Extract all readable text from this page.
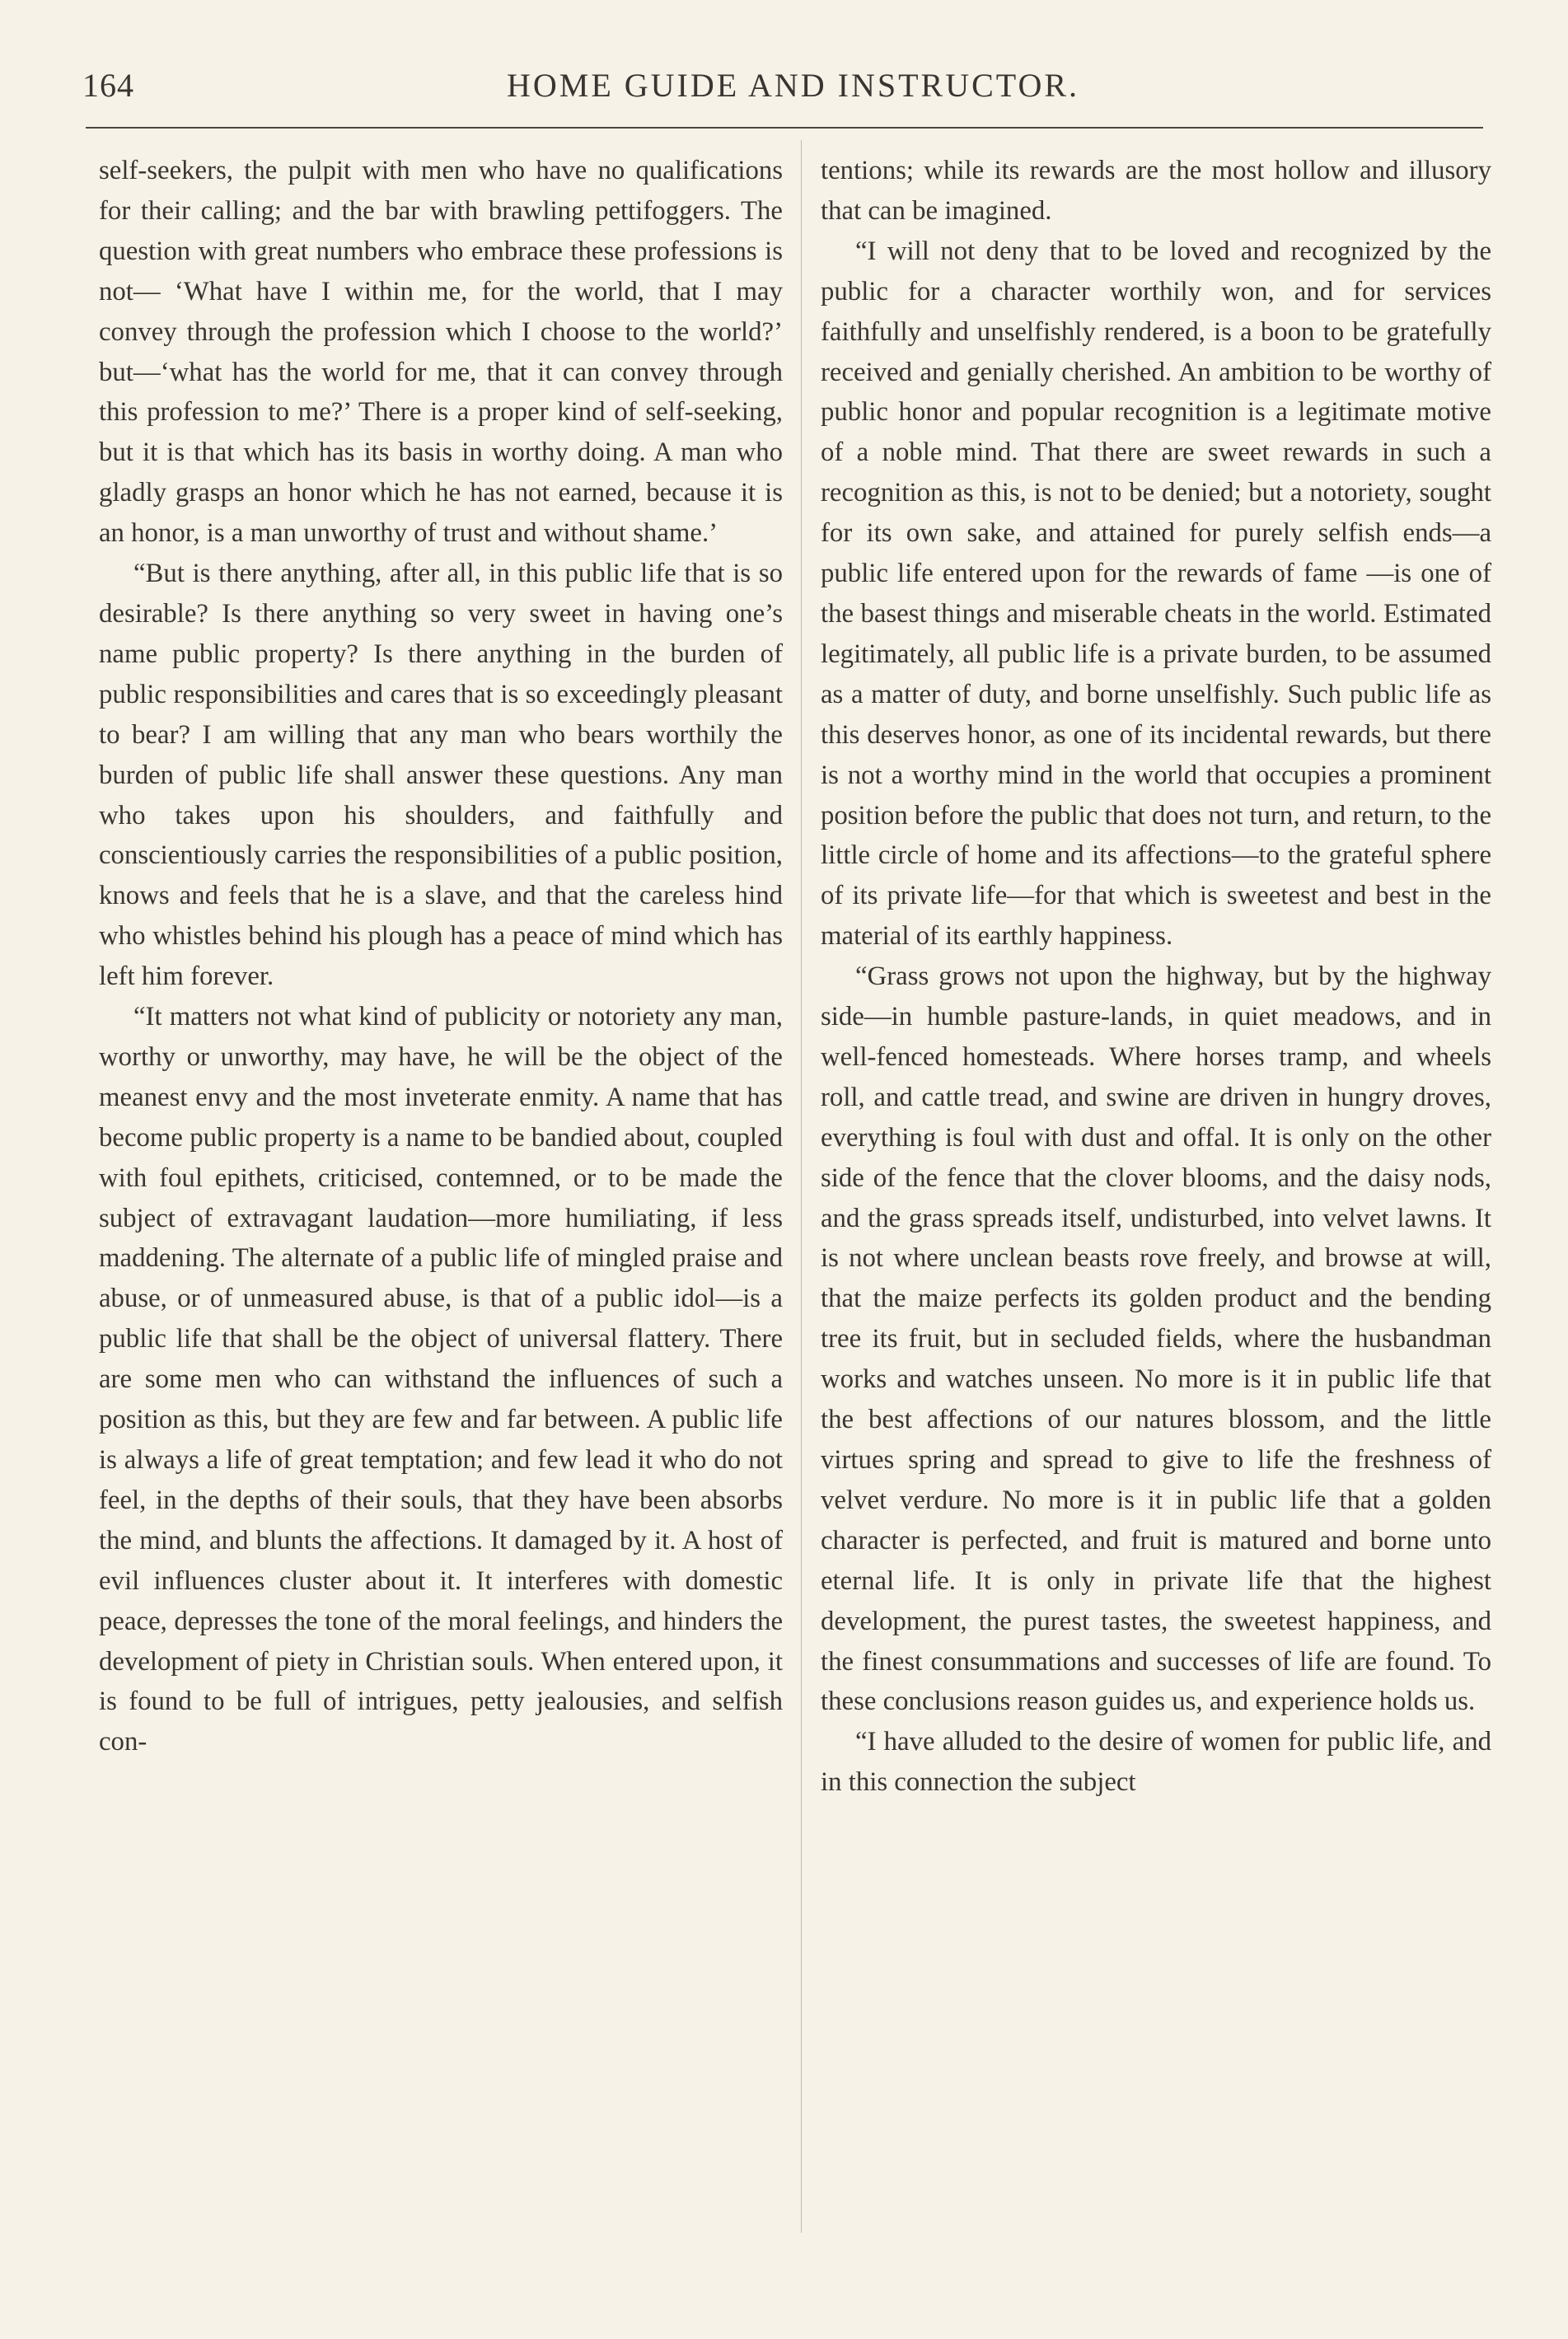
164	HOME GUIDE AND INSTRUCTOR.

self-seekers, the pulpit with men who have no qualifications for their calling; and the bar with brawling pettifoggers. The question with great numbers who embrace these professions is not— ‘What have I within me, for the world, that I may convey through the profession which I choose to the world?’ but—‘what has the world for me, that it can convey through this profession to me?’ There is a proper kind of self-seeking, but it is that which has its basis in worthy doing. A man who gladly grasps an honor which he has not earned, because it is an honor, is a man unworthy of trust and without shame.’

“But is there anything, after all, in this public life that is so desirable? Is there anything so very sweet in having one’s name public property? Is there anything in the burden of public responsibilities and cares that is so exceedingly pleasant to bear? I am willing that any man who bears worthily the burden of public life shall answer these questions. Any man who takes upon his shoulders, and faithfully and conscientiously carries the responsibilities of a public position, knows and feels that he is a slave, and that the careless hind who whistles behind his plough has a peace of mind which has left him forever.

“It matters not what kind of publicity or notoriety any man, worthy or unworthy, may have, he will be the object of the meanest envy and the most inveterate enmity. A name that has become public property is a name to be bandied about, coupled with foul epithets, criticised, contemned, or to be made the subject of extravagant laudation—more humiliating, if less maddening. The alternate of a public life of mingled praise and abuse, or of unmeasured abuse, is that of a public idol—is a public life that shall be the object of universal flattery. There are some men who can withstand the influences of such a position as this, but they are few and far between. A public life is always a life of great temptation; and few lead it who do not feel, in the depths of their souls, that they have been absorbs the mind, and blunts the affections. It damaged by it. A host of evil influences cluster about it. It interferes with domestic peace, depresses the tone of the moral feelings, and hinders the development of piety in Christian souls. When entered upon, it is found to be full of intrigues, petty jealousies, and selfish con-

tentions; while its rewards are the most hollow and illusory that can be imagined.

“I will not deny that to be loved and recognized by the public for a character worthily won, and for services faithfully and unselfishly rendered, is a boon to be gratefully received and genially cherished. An ambition to be worthy of public honor and popular recognition is a legitimate motive of a noble mind. That there are sweet rewards in such a recognition as this, is not to be denied; but a notoriety, sought for its own sake, and attained for purely selfish ends—a public life entered upon for the rewards of fame —is one of the basest things and miserable cheats in the world. Estimated legitimately, all public life is a private burden, to be assumed as a matter of duty, and borne unselfishly. Such public life as this deserves honor, as one of its incidental rewards, but there is not a worthy mind in the world that occupies a prominent position before the public that does not turn, and return, to the little circle of home and its affections—to the grateful sphere of its private life—for that which is sweetest and best in the material of its earthly happiness.

“Grass grows not upon the highway, but by the highway side—in humble pasture-lands, in quiet meadows, and in well-fenced homesteads. Where horses tramp, and wheels roll, and cattle tread, and swine are driven in hungry droves, everything is foul with dust and offal. It is only on the other side of the fence that the clover blooms, and the daisy nods, and the grass spreads itself, undisturbed, into velvet lawns. It is not where unclean beasts rove freely, and browse at will, that the maize perfects its golden product and the bending tree its fruit, but in secluded fields, where the husbandman works and watches unseen. No more is it in public life that the best affections of our natures blossom, and the little virtues spring and spread to give to life the freshness of velvet verdure. No more is it in public life that a golden character is perfected, and fruit is matured and borne unto eternal life. It is only in private life that the highest development, the purest tastes, the sweetest happiness, and the finest consummations and successes of life are found. To these conclusions reason guides us, and experience holds us.

“I have alluded to the desire of women for public life, and in this connection the subject
